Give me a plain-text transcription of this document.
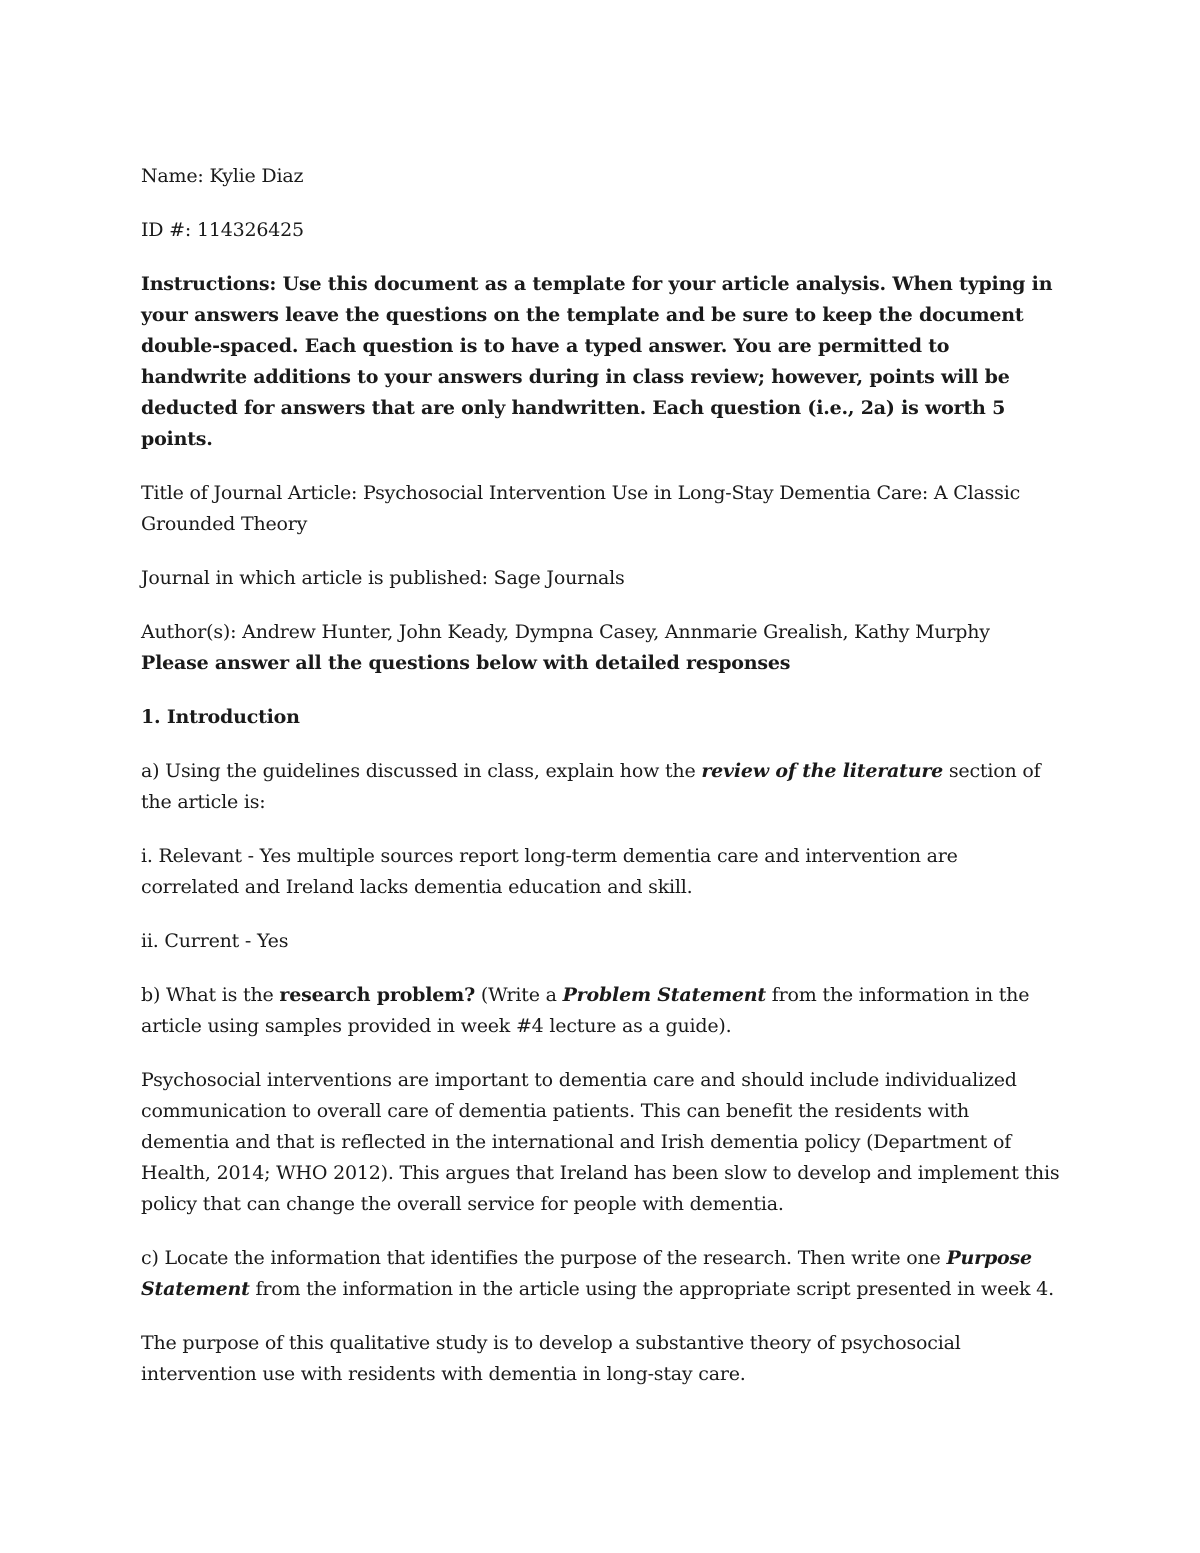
Name: Kylie Diaz

ID #: 114326425

Instructions: Use this document as a template for your article analysis. When typing in your answers leave the questions on the template and be sure to keep the document double-spaced. Each question is to have a typed answer. You are permitted to handwrite additions to your answers during in class review; however, points will be deducted for answers that are only handwritten. Each question (i.e., 2a) is worth 5 points.

Title of Journal Article: Psychosocial Intervention Use in Long-Stay Dementia Care: A Classic Grounded Theory

Journal in which article is published: Sage Journals

Author(s): Andrew Hunter, John Keady, Dympna Casey, Annmarie Grealish, Kathy Murphy

Please answer all the questions below with detailed responses

1. Introduction

a) Using the guidelines discussed in class, explain how the review of the literature section of the article is:

i. Relevant - Yes multiple sources report long-term dementia care and intervention are correlated and Ireland lacks dementia education and skill.

ii. Current - Yes

b) What is the research problem? (Write a Problem Statement from the information in the article using samples provided in week #4 lecture as a guide).

Psychosocial interventions are important to dementia care and should include individualized communication to overall care of dementia patients. This can benefit the residents with dementia and that is reflected in the international and Irish dementia policy (Department of Health, 2014; WHO 2012). This argues that Ireland has been slow to develop and implement this policy that can change the overall service for people with dementia.

c) Locate the information that identifies the purpose of the research. Then write one Purpose Statement from the information in the article using the appropriate script presented in week 4.

The purpose of this qualitative study is to develop a substantive theory of psychosocial intervention use with residents with dementia in long-stay care.
